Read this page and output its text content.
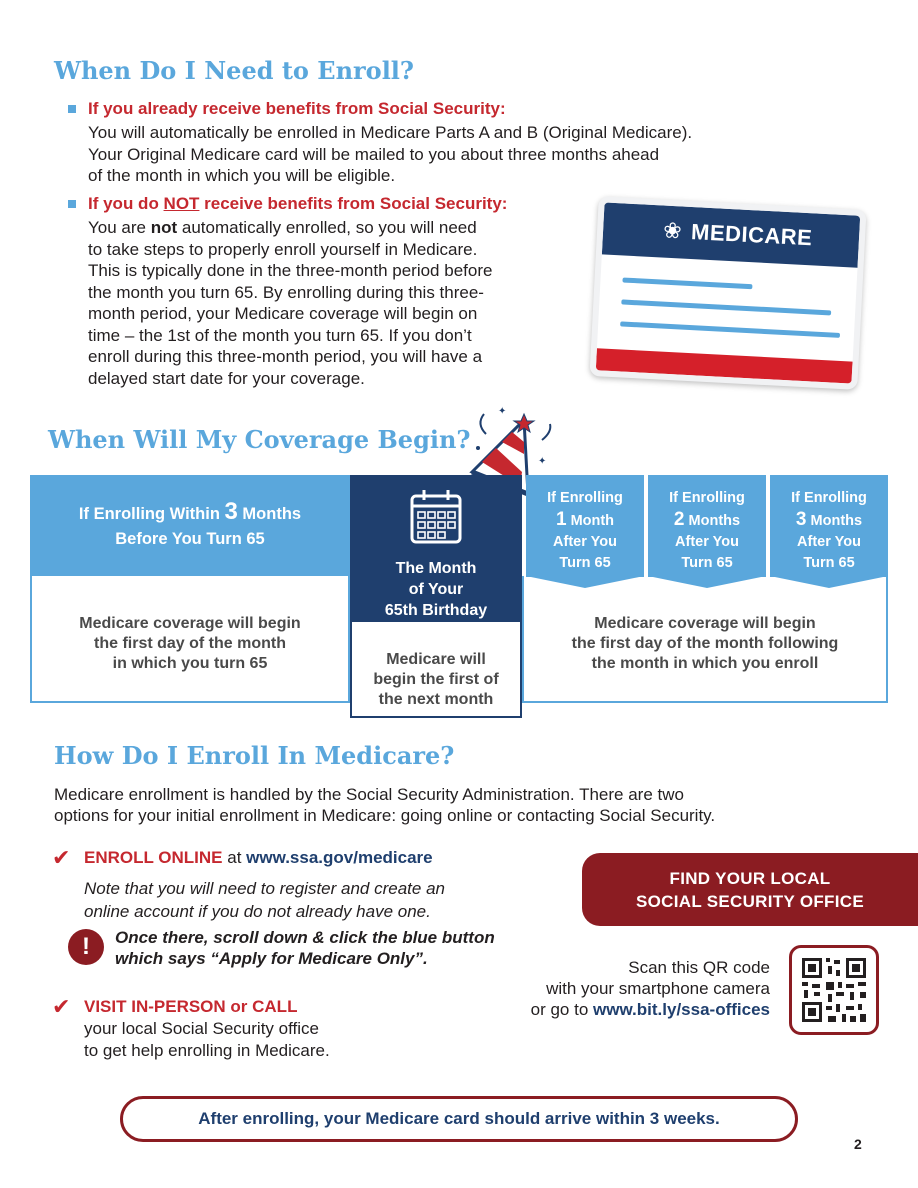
When Do I Need to Enroll?
If you already receive benefits from Social Security:
You will automatically be enrolled in Medicare Parts A and B (Original Medicare).
Your Original Medicare card will be mailed to you about three months ahead
of the month in which you will be eligible.
If you do NOT receive benefits from Social Security:
You are not automatically enrolled, so you will need
to take steps to properly enroll yourself in Medicare.
This is typically done in the three-month period before
the month you turn 65. By enrolling during this three-
month period, your Medicare coverage will begin on
time – the 1st of the month you turn 65. If you don’t
enroll during this three-month period, you will have a
delayed start date for your coverage.
❀ MEDICARE
When Will My Coverage Begin?
✦
✦
If Enrolling Within 3 Months
Before You Turn 65
Medicare coverage will begin
the first day of the month
in which you turn 65
The Month
of Your
65th Birthday
Medicare will
begin the first of
the next month
If Enrolling
1 Month
After You
Turn 65
If Enrolling
2 Months
After You
Turn 65
If Enrolling
3 Months
After You
Turn 65
Medicare coverage will begin
the first day of the month following
the month in which you enroll
How Do I Enroll In Medicare?
Medicare enrollment is handled by the Social Security Administration. There are two
options for your initial enrollment in Medicare: going online or contacting Social Security.
✔ ENROLL ONLINE at www.ssa.gov/medicare
Note that you will need to register and create an
online account if you do not already have one.
!	Once there, scroll down & click the blue button
which says “Apply for Medicare Only”.
✔ VISIT IN-PERSON or CALL
your local Social Security office
to get help enrolling in Medicare.
FIND YOUR LOCAL
SOCIAL SECURITY OFFICE
Scan this QR code
with your smartphone camera
or go to www.bit.ly/ssa-offices
After enrolling, your Medicare card should arrive within 3 weeks.
2
